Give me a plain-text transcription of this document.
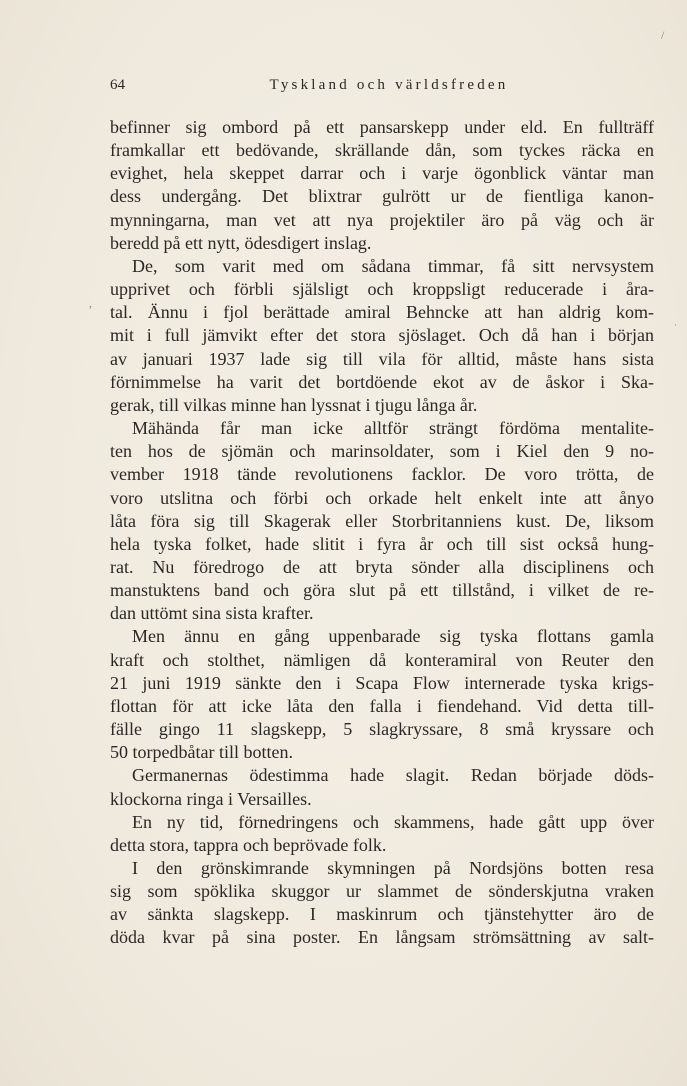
/
,
·
64	Tyskland och världsfreden
befinner sig ombord på ett pansarskepp under eld. En fullträff
framkallar ett bedövande, skrällande dån, som tyckes räcka en
evighet, hela skeppet darrar och i varje ögonblick väntar man
dess undergång. Det blixtrar gulrött ur de fientliga kanon-
mynningarna, man vet att nya projektiler äro på väg och är
beredd på ett nytt, ödesdigert inslag.
De, som varit med om sådana timmar, få sitt nervsystem
upprivet och förbli själsligt och kroppsligt reducerade i åra-
tal. Ännu i fjol berättade amiral Behncke att han aldrig kom-
mit i full jämvikt efter det stora sjöslaget. Och då han i början
av januari 1937 lade sig till vila för alltid, måste hans sista
förnimmelse ha varit det bortdöende ekot av de åskor i Ska-
gerak, till vilkas minne han lyssnat i tjugu långa år.
Mähända får man icke alltför strängt fördöma mentalite-
ten hos de sjömän och marinsoldater, som i Kiel den 9 no-
vember 1918 tände revolutionens facklor. De voro trötta, de
voro utslitna och förbi och orkade helt enkelt inte att ånyo
låta föra sig till Skagerak eller Storbritanniens kust. De, liksom
hela tyska folket, hade slitit i fyra år och till sist också hung-
rat. Nu föredrogo de att bryta sönder alla disciplinens och
manstuktens band och göra slut på ett tillstånd, i vilket de re-
dan uttömt sina sista krafter.
Men ännu en gång uppenbarade sig tyska flottans gamla
kraft och stolthet, nämligen då konteramiral von Reuter den
21 juni 1919 sänkte den i Scapa Flow internerade tyska krigs-
flottan för att icke låta den falla i fiendehand. Vid detta till-
fälle gingo 11 slagskepp, 5 slagkryssare, 8 små kryssare och
50 torpedbåtar till botten.
Germanernas ödestimma hade slagit. Redan började döds-
klockorna ringa i Versailles.
En ny tid, förnedringens och skammens, hade gått upp över
detta stora, tappra och beprövade folk.
I den grönskimrande skymningen på Nordsjöns botten resa
sig som spöklika skuggor ur slammet de sönderskjutna vraken
av sänkta slagskepp. I maskinrum och tjänstehytter äro de
döda kvar på sina poster. En långsam strömsättning av salt-
